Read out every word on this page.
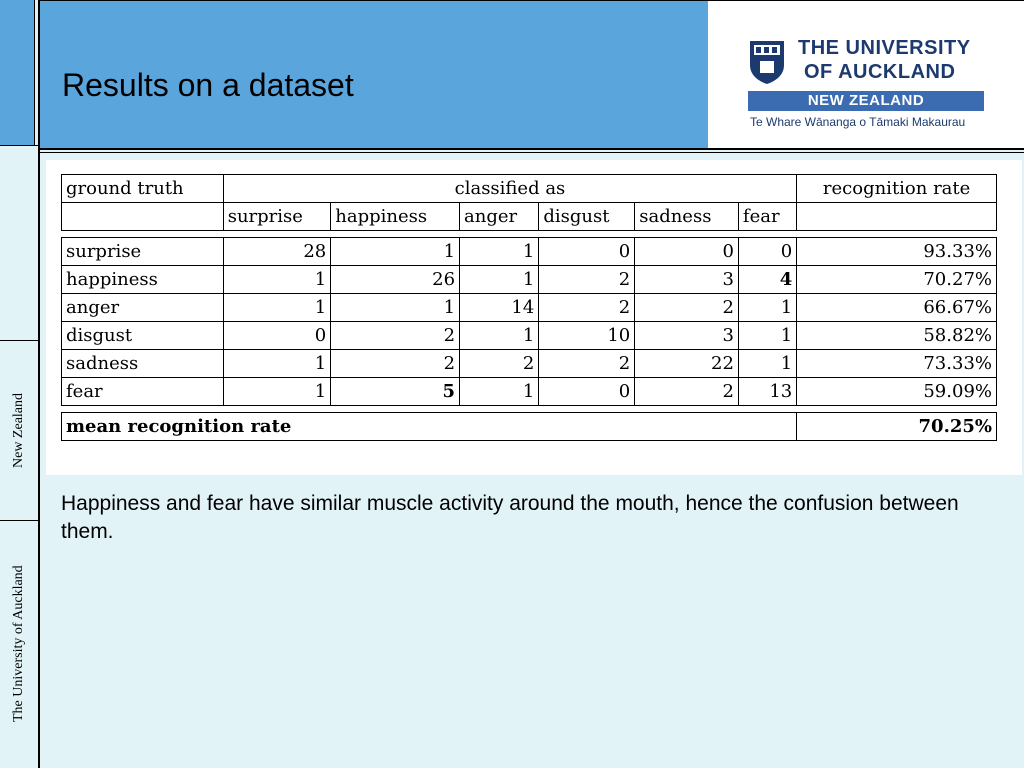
New Zealand
The University of Auckland
Results on a dataset
THE UNIVERSITY
OF AUCKLAND
NEW ZEALAND
Te Whare Wānanga o Tāmaki Makaurau
ground truth	classified as						recognition rate
	surprise	happiness	anger	disgust	sadness	fear	

surprise	28	1	1	0	0	0	93.33%
happiness	1	26	1	2	3	4	70.27%
anger	1	1	14	2	2	1	66.67%
disgust	0	2	1	10	3	1	58.82%
sadness	1	2	2	2	22	1	73.33%
fear	1	5	1	0	2	13	59.09%

mean recognition rate							70.25%

Happiness and fear have similar muscle activity around the mouth, hence the confusion between them.
